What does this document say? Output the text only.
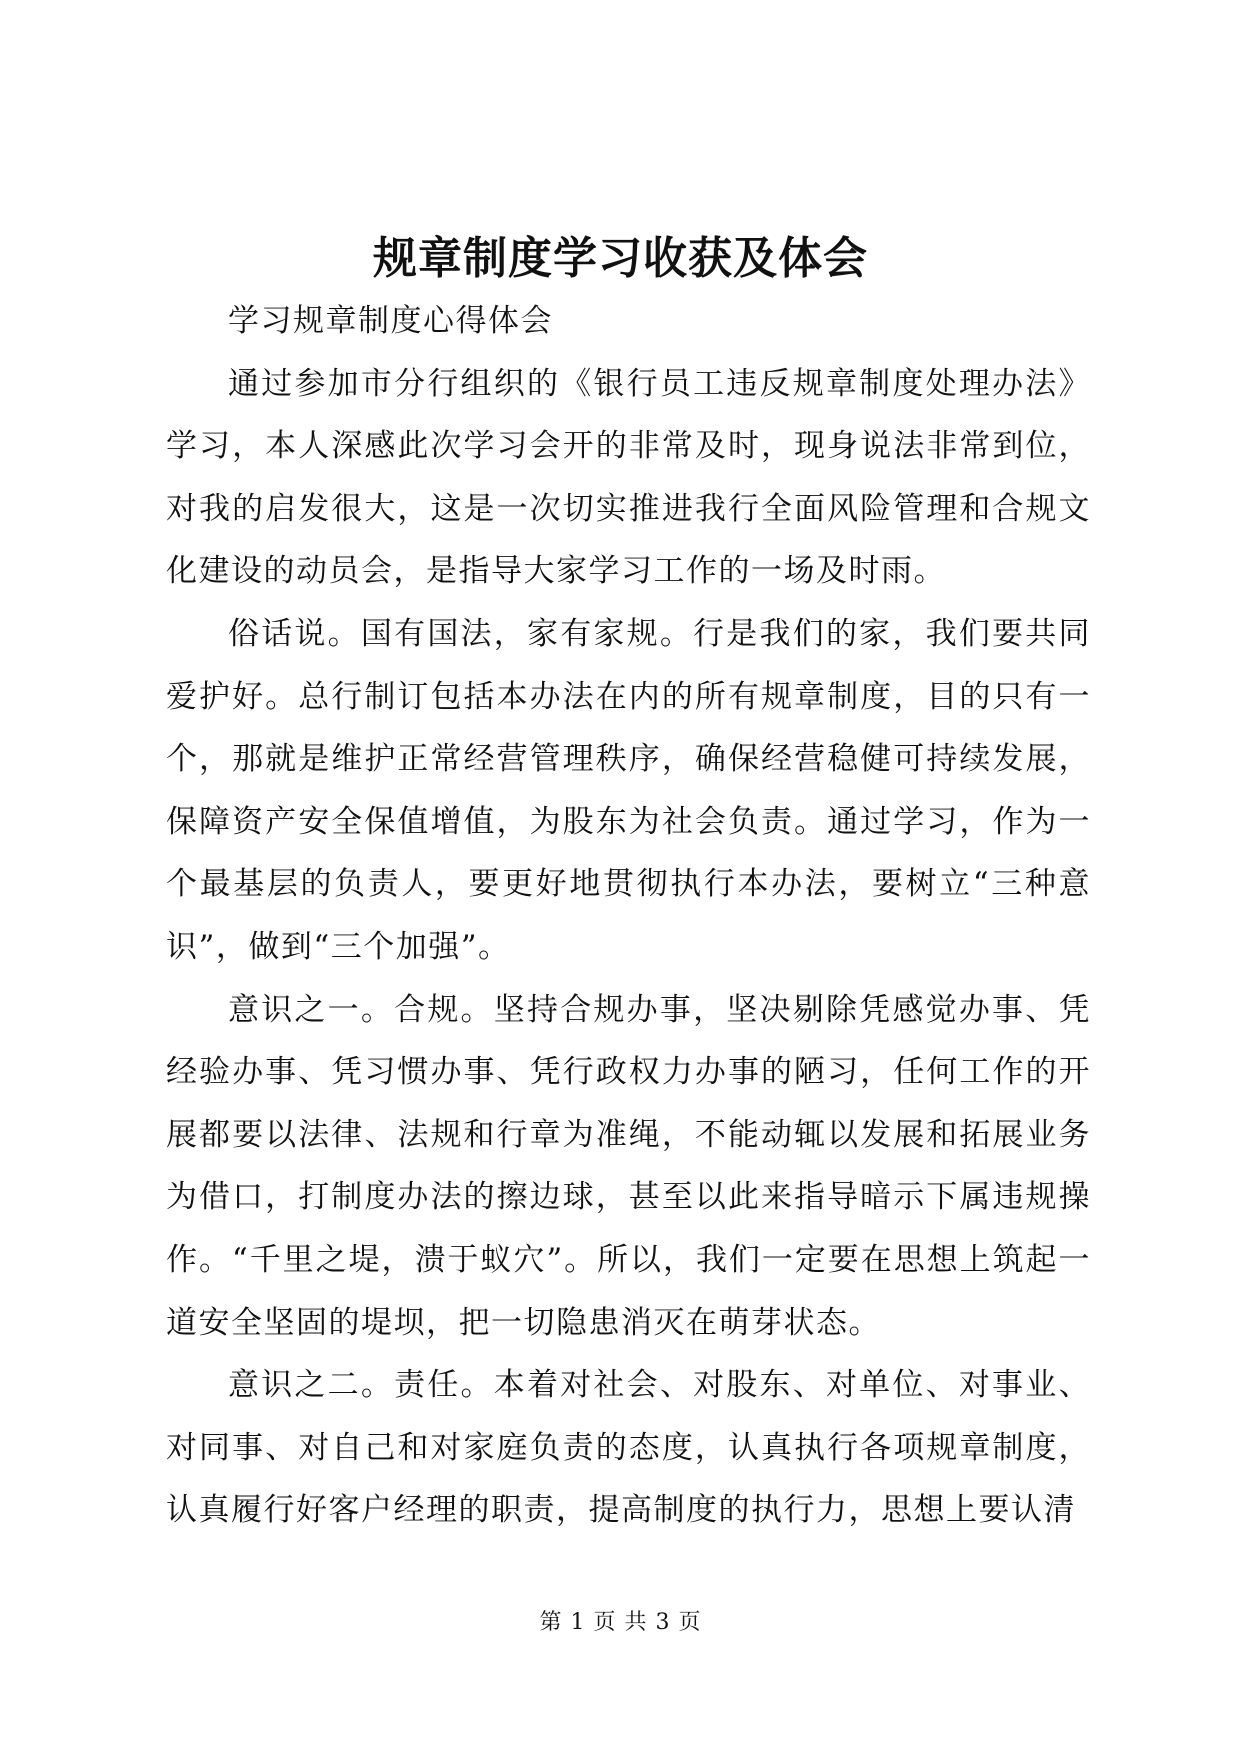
规章制度学习收获及体会

学习规章制度心得体会

通过参加市分行组织的《银行员工违反规章制度处理办法》学习，本人深感此次学习会开的非常及时，现身说法非常到位，对我的启发很大，这是一次切实推进我行全面风险管理和合规文化建设的动员会，是指导大家学习工作的一场及时雨。

俗话说。国有国法，家有家规。行是我们的家，我们要共同爱护好。总行制订包括本办法在内的所有规章制度，目的只有一个，那就是维护正常经营管理秩序，确保经营稳健可持续发展，保障资产安全保值增值，为股东为社会负责。通过学习，作为一个最基层的负责人，要更好地贯彻执行本办法，要树立“三种意识”，做到“三个加强”。

意识之一。合规。坚持合规办事，坚决剔除凭感觉办事、凭经验办事、凭习惯办事、凭行政权力办事的陋习，任何工作的开展都要以法律、法规和行章为准绳，不能动辄以发展和拓展业务为借口，打制度办法的擦边球，甚至以此来指导暗示下属违规操作。“千里之堤，溃于蚁穴”。所以，我们一定要在思想上筑起一道安全坚固的堤坝，把一切隐患消灭在萌芽状态。

意识之二。责任。本着对社会、对股东、对单位、对事业、对同事、对自己和对家庭负责的态度，认真执行各项规章制度，认真履行好客户经理的职责，提高制度的执行力，思想上要认清

第 1 页 共 3 页
